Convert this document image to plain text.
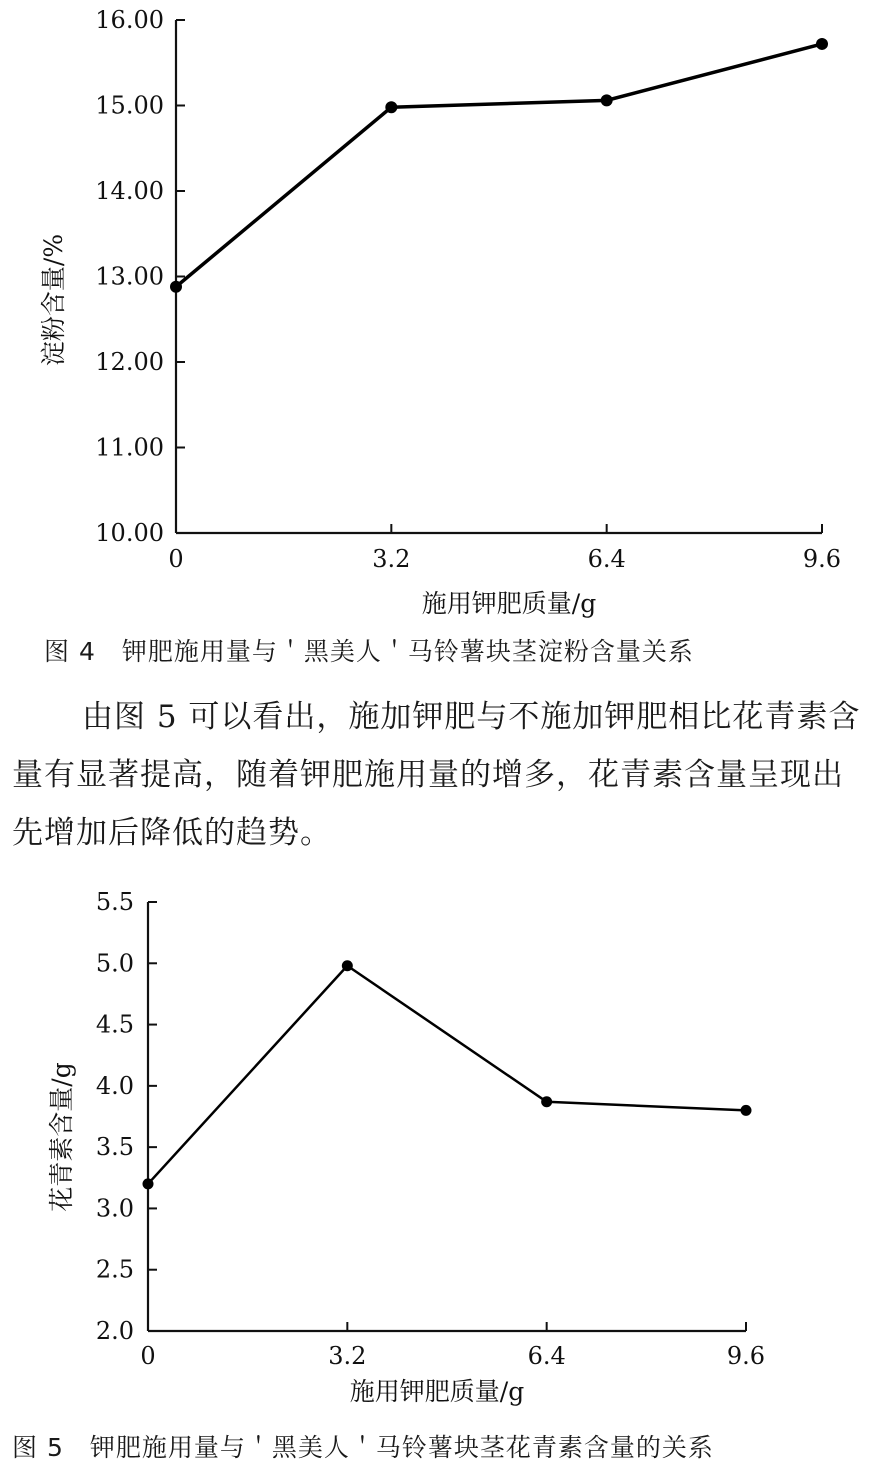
10.00
11.00
12.00
13.00
14.00
15.00
16.00
0	3.2	6.4	9.6
淀粉含量/%
施用钾肥质量/g
图 4　钾肥施用量与＇黑美人＇马铃薯块茎淀粉含量关系
由图 5 可以看出，施加钾肥与不施加钾肥相比花青素含量有显著提高，随着钾肥施用量的增多，花青素含量呈现出先增加后降低的趋势。
2.0
2.5
3.0
3.5
4.0
4.5
5.0
5.5
0	3.2	6.4	9.6
花青素含量/g
施用钾肥质量/g
图 5　钾肥施用量与＇黑美人＇马铃薯块茎花青素含量的关系
